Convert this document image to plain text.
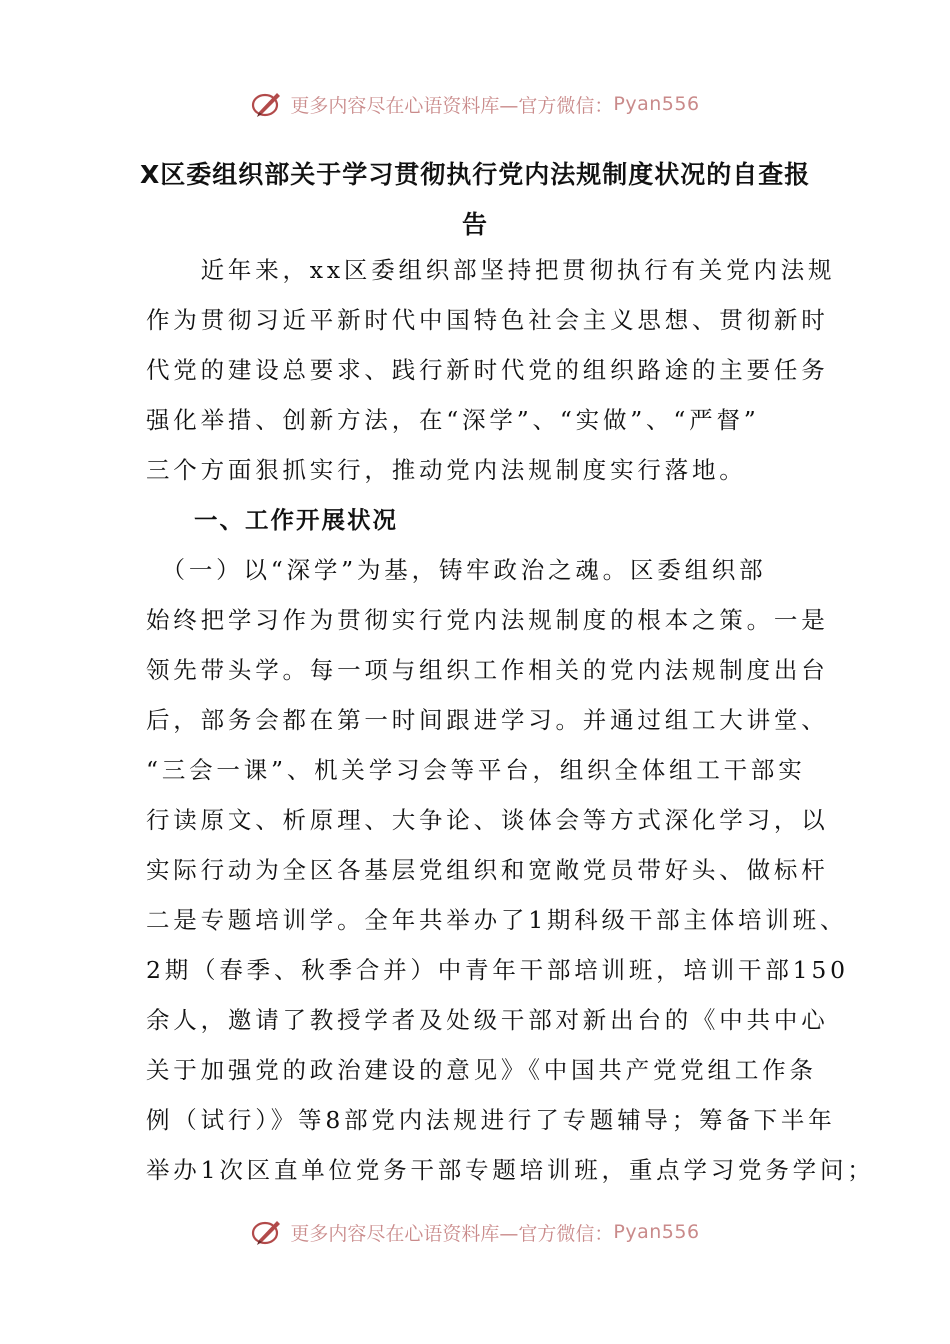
更多内容尽在心语资料库—官方微信： Pyan556
X区委组织部关于学习贯彻执行党内法规制度状况的自查报
告
　　近年来，xx区委组织部坚持把贯彻执行有关党内法规
作为贯彻习近平新时代中国特色社会主义思想、贯彻新时
代党的建设总要求、践行新时代党的组织路途的主要任务
强化举措、创新方法，在“深学”、“实做”、“严督”
三个方面狠抓实行，推动党内法规制度实行落地。
一、工作开展状况
　（一）以“深学”为基，铸牢政治之魂。区委组织部
始终把学习作为贯彻实行党内法规制度的根本之策。一是
领先带头学。每一项与组织工作相关的党内法规制度出台
后，部务会都在第一时间跟进学习。并通过组工大讲堂、
“三会一课”、机关学习会等平台，组织全体组工干部实
行读原文、析原理、大争论、谈体会等方式深化学习，以
实际行动为全区各基层党组织和宽敞党员带好头、做标杆
二是专题培训学。全年共举办了1期科级干部主体培训班、
2期（春季、秋季合并）中青年干部培训班，培训干部150
余人，邀请了教授学者及处级干部对新出台的《中共中心
关于加强党的政治建设的意见》《中国共产党党组工作条
例（试行）》等8部党内法规进行了专题辅导；筹备下半年
举办1次区直单位党务干部专题培训班，重点学习党务学问；
更多内容尽在心语资料库—官方微信： Pyan556
